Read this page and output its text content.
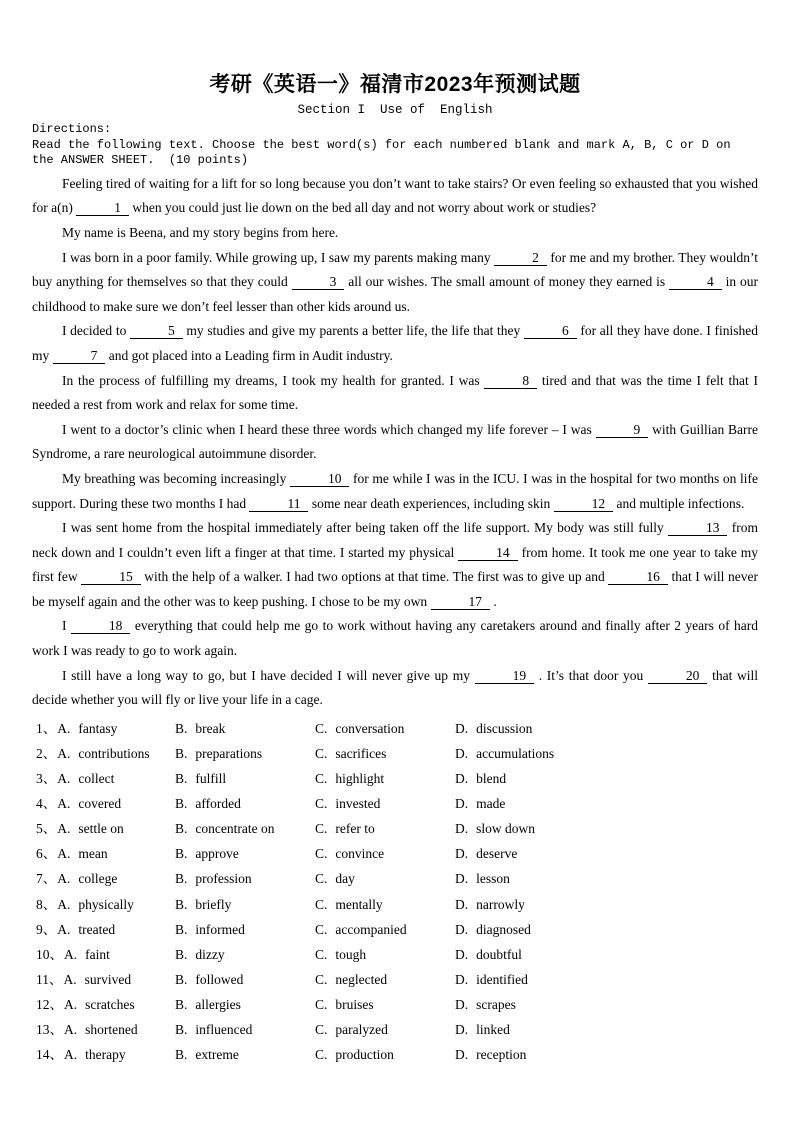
考研《英语一》福清市2023年预测试题
Section I  Use of  English
Directions:
Read the following text. Choose the best word(s) for each numbered blank and mark A, B, C or D on the ANSWER SHEET.  (10 points)

Feeling tired of waiting for a lift for so long because you don’t want to take stairs? Or even feeling so exhausted that you wished for a(n)	1 when you could just lie down on the bed all day and not worry about work or studies?

My name is Beena, and my story begins from here.

I was born in a poor family. While growing up, I saw my parents making many	2 for me and my brother. They wouldn’t buy anything for themselves so that they could	3 all our wishes. The small amount of money they earned is	4 in our childhood to make sure we don’t feel lesser than other kids around us.

I decided to	5 my studies and give my parents a better life, the life that they	6 for all they have done. I finished my	7 and got placed into a Leading firm in Audit industry.

In the process of fulfilling my dreams, I took my health for granted. I was	8 tired and that was the time I felt that I needed a rest from work and relax for some time.

I went to a doctor’s clinic when I heard these three words which changed my life forever – I was	9 with Guillian Barre Syndrome, a rare neurological autoimmune disorder.

My breathing was becoming increasingly	10 for me while I was in the ICU. I was in the hospital for two months on life support. During these two months I had	11 some near death experiences, including skin	12 and multiple infections.

I was sent home from the hospital immediately after being taken off the life support. My body was still fully	13 from neck down and I couldn’t even lift a finger at that time. I started my physical	14 from home. It took me one year to take my first few	15 with the help of a walker. I had two options at that time. The first was to give up and	16 that I will never be myself again and the other was to keep pushing. I chose to be my own	17 .

I	18 everything that could help me go to work without having any caretakers around and finally after 2 years of hard work I was ready to go to work again.

I still have a long way to go, but I have decided I will never give up my	19 . It’s that door you	20 that will decide whether you will fly or live your life in a cage.

1、A. fantasy	B. break	C. conversation	D. discussion
2、A. contributions	B. preparations	C. sacrifices	D. accumulations
3、A. collect	B. fulfill	C. highlight	D. blend
4、A. covered	B. afforded	C. invested	D. made
5、A. settle on	B. concentrate on	C. refer to	D. slow down
6、A. mean	B. approve	C. convince	D. deserve
7、A. college	B. profession	C. day	D. lesson
8、A. physically	B. briefly	C. mentally	D. narrowly
9、A. treated	B. informed	C. accompanied	D. diagnosed
10、A. faint	B. dizzy	C. tough	D. doubtful
11、A. survived	B. followed	C. neglected	D. identified
12、A. scratches	B. allergies	C. bruises	D. scrapes
13、A. shortened	B. influenced	C. paralyzed	D. linked
14、A. therapy	B. extreme	C. production	D. reception
